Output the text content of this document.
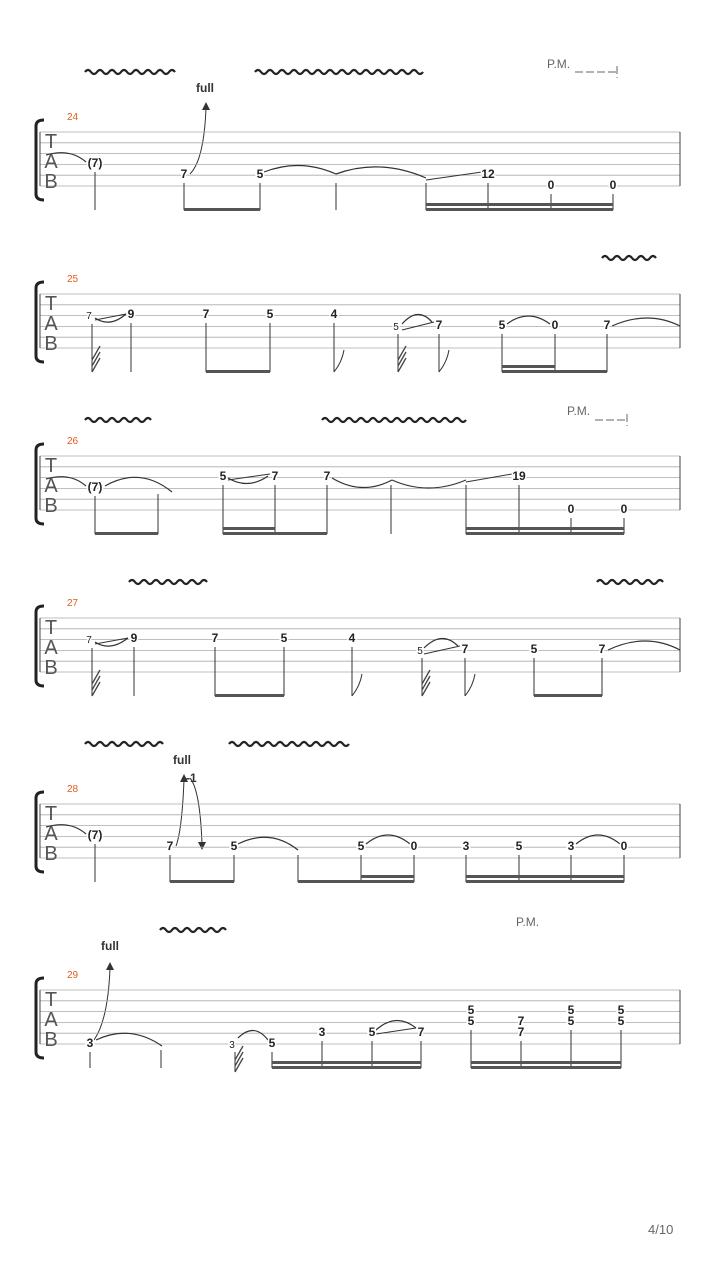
P.M.
full
24
T
A
B
(7)
7	5	12
0	0
25
T
A
B
7	9	7	5	4
5	7	5	0	7
P.M.
26
T
A
B
(7)
5	7	7	19
0	0
27
T
A
B
7	9	7	5	4
5	7	5	7
full
-1
28
T
A
B
(7)
7	5	5	0	3	5	3	0
full
P.M.
29
T
A
B 3	3	5
3	5	7
5
5	7
7
5
5
5
5
4/10
